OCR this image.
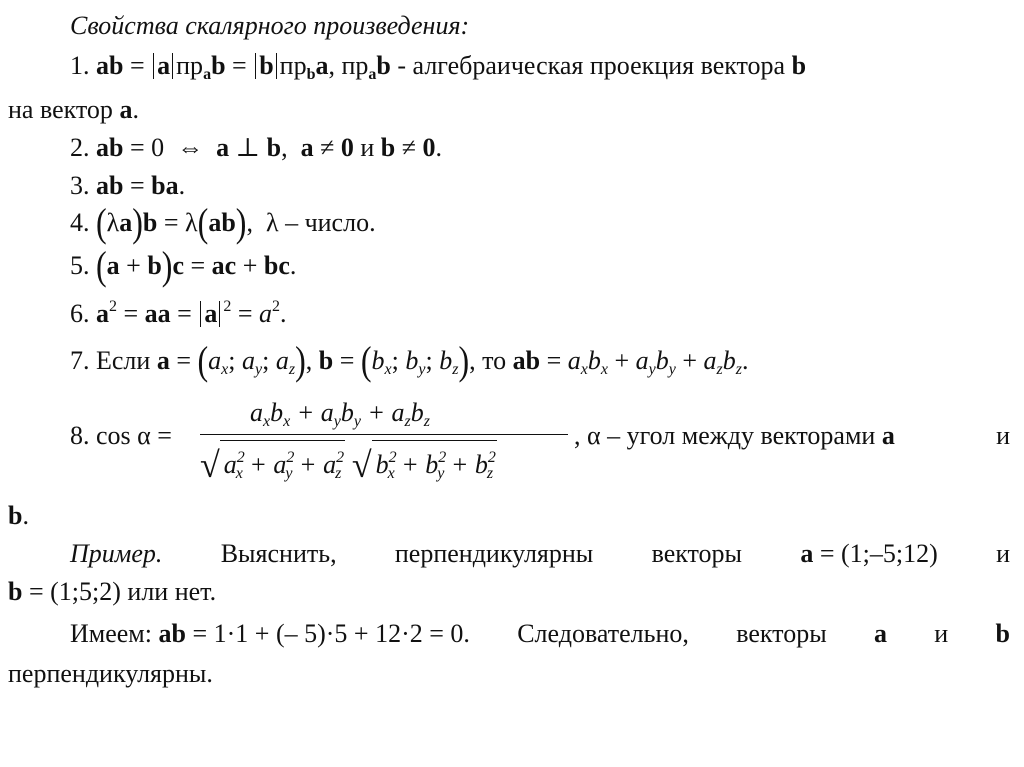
Свойства скалярного произведения:
1. ab = a $пр_ab = b$ $пр_ba$, $пр_ab$ - алгебраическая проекция вектора b
на вектор a.
2. ab = 0  ⇔  a ⊥ b,  a ≠ 0 и b ≠ 0.
3. ab = ba.
4. (λa)b = λ(ab),  λ – число.
5. (a + b)c = ac + bc.
6. $a^2$ = aa = a $^2 = a^2$.
7. Если $a = (a_x$; $a_y$; $a_z$), $b = (b_x$; $b_y$; $b_z$), то ab = $a_xb_x + a_yb_y + a_zb_z$.
8. cos α =
$a_xb_x + a_yb_y + a_zb_z$
√ $a^2_x + a^2_y + a^2_z$ √ $b^2_x + b^2_y + b^2_z$
, α – угол между векторами a	и
b.
Пример. Выяснить, перпендикулярны векторы a = (1;–5;12) и
b = (1;5;2) или нет.
Имеем: ab = 1·1 + (– 5)·5 + 12·2 = 0. Следовательно, векторы a и b
перпендикулярны.
